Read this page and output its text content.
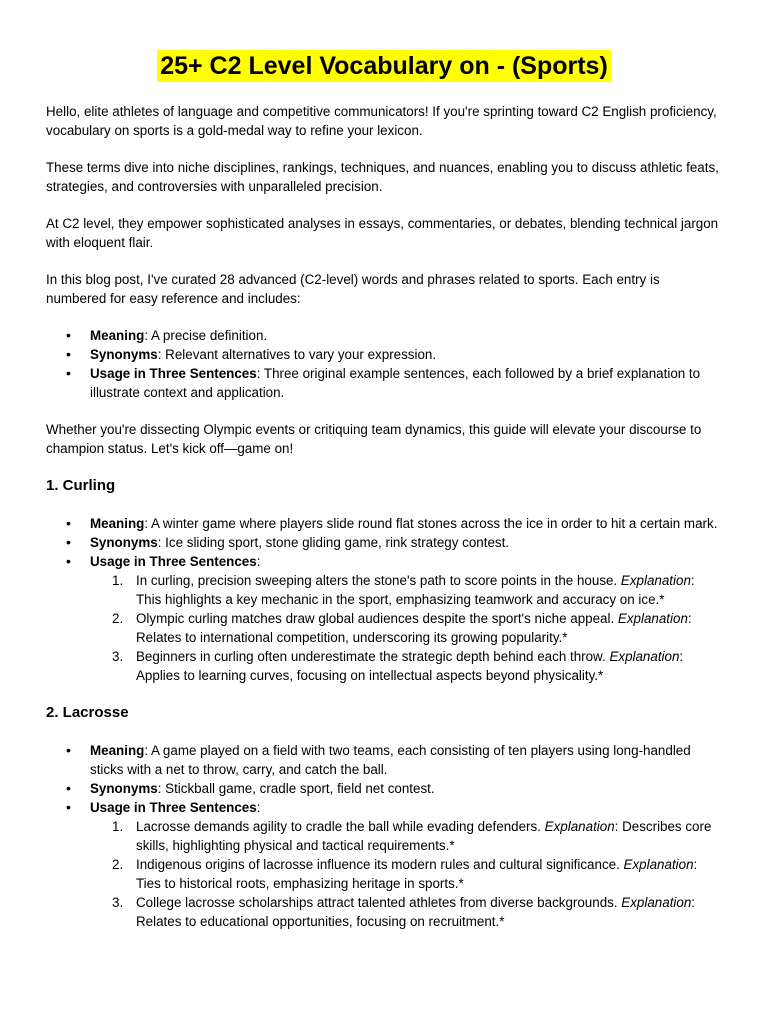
25+ C2 Level Vocabulary on - (Sports)

Hello, elite athletes of language and competitive communicators! If you're sprinting toward C2 English proficiency, vocabulary on sports is a gold-medal way to refine your lexicon.

These terms dive into niche disciplines, rankings, techniques, and nuances, enabling you to discuss athletic feats, strategies, and controversies with unparalleled precision.

At C2 level, they empower sophisticated analyses in essays, commentaries, or debates, blending technical jargon with eloquent flair.

In this blog post, I've curated 28 advanced (C2-level) words and phrases related to sports. Each entry is numbered for easy reference and includes:

• Meaning: A precise definition.
• Synonyms: Relevant alternatives to vary your expression.
• Usage in Three Sentences: Three original example sentences, each followed by a brief explanation to illustrate context and application.

Whether you're dissecting Olympic events or critiquing team dynamics, this guide will elevate your discourse to champion status. Let's kick off—game on!

1. Curling
• Meaning: A winter game where players slide round flat stones across the ice in order to hit a certain mark.
• Synonyms: Ice sliding sport, stone gliding game, rink strategy contest.
• Usage in Three Sentences:
1. In curling, precision sweeping alters the stone's path to score points in the house. Explanation: This highlights a key mechanic in the sport, emphasizing teamwork and accuracy on ice.*
2. Olympic curling matches draw global audiences despite the sport's niche appeal. Explanation: Relates to international competition, underscoring its growing popularity.*
3. Beginners in curling often underestimate the strategic depth behind each throw. Explanation: Applies to learning curves, focusing on intellectual aspects beyond physicality.*
2. Lacrosse
• Meaning: A game played on a field with two teams, each consisting of ten players using long-handled sticks with a net to throw, carry, and catch the ball.
• Synonyms: Stickball game, cradle sport, field net contest.
• Usage in Three Sentences:
1. Lacrosse demands agility to cradle the ball while evading defenders. Explanation: Describes core skills, highlighting physical and tactical requirements.*
2. Indigenous origins of lacrosse influence its modern rules and cultural significance. Explanation: Ties to historical roots, emphasizing heritage in sports.*
3. College lacrosse scholarships attract talented athletes from diverse backgrounds. Explanation: Relates to educational opportunities, focusing on recruitment.*
